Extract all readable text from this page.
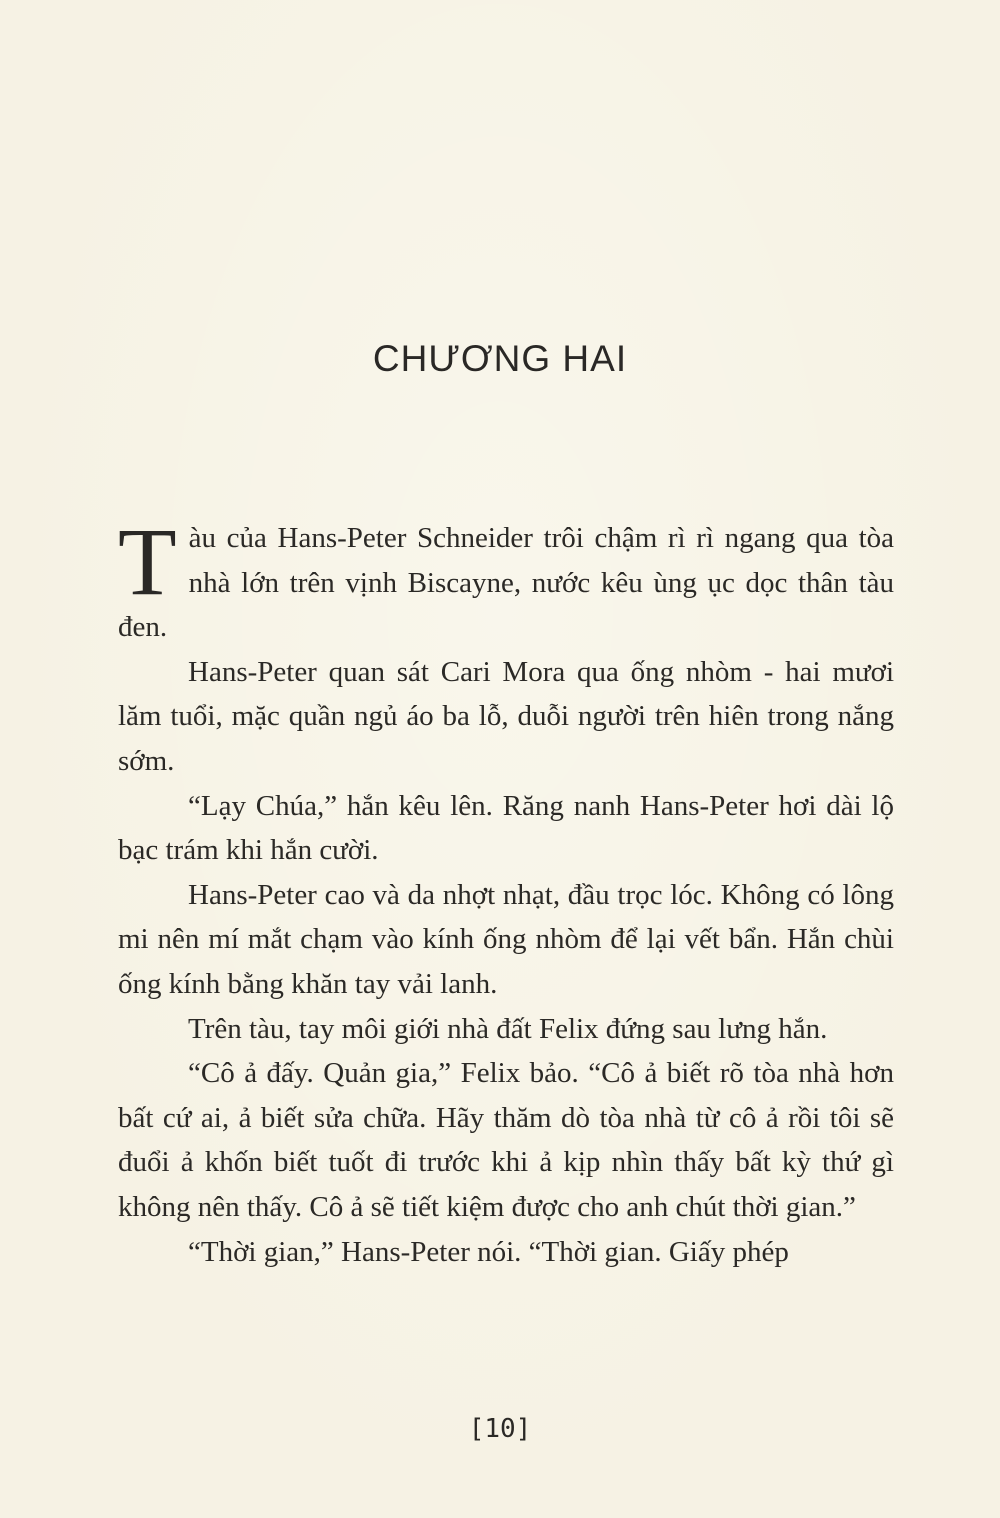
CHƯƠNG HAI

Tàu của Hans-Peter Schneider trôi chậm rì rì ngang qua tòa nhà lớn trên vịnh Biscayne, nước kêu ùng ục dọc thân tàu đen.

Hans-Peter quan sát Cari Mora qua ống nhòm - hai mươi lăm tuổi, mặc quần ngủ áo ba lỗ, duỗi người trên hiên trong nắng sớm.

“Lạy Chúa,” hắn kêu lên. Răng nanh Hans-Peter hơi dài lộ bạc trám khi hắn cười.

Hans-Peter cao và da nhợt nhạt, đầu trọc lóc. Không có lông mi nên mí mắt chạm vào kính ống nhòm để lại vết bẩn. Hắn chùi ống kính bằng khăn tay vải lanh.

Trên tàu, tay môi giới nhà đất Felix đứng sau lưng hắn.

“Cô ả đấy. Quản gia,” Felix bảo. “Cô ả biết rõ tòa nhà hơn bất cứ ai, ả biết sửa chữa. Hãy thăm dò tòa nhà từ cô ả rồi tôi sẽ đuổi ả khốn biết tuốt đi trước khi ả kịp nhìn thấy bất kỳ thứ gì không nên thấy. Cô ả sẽ tiết kiệm được cho anh chút thời gian.”

“Thời gian,” Hans-Peter nói. “Thời gian. Giấy phép

[10]
